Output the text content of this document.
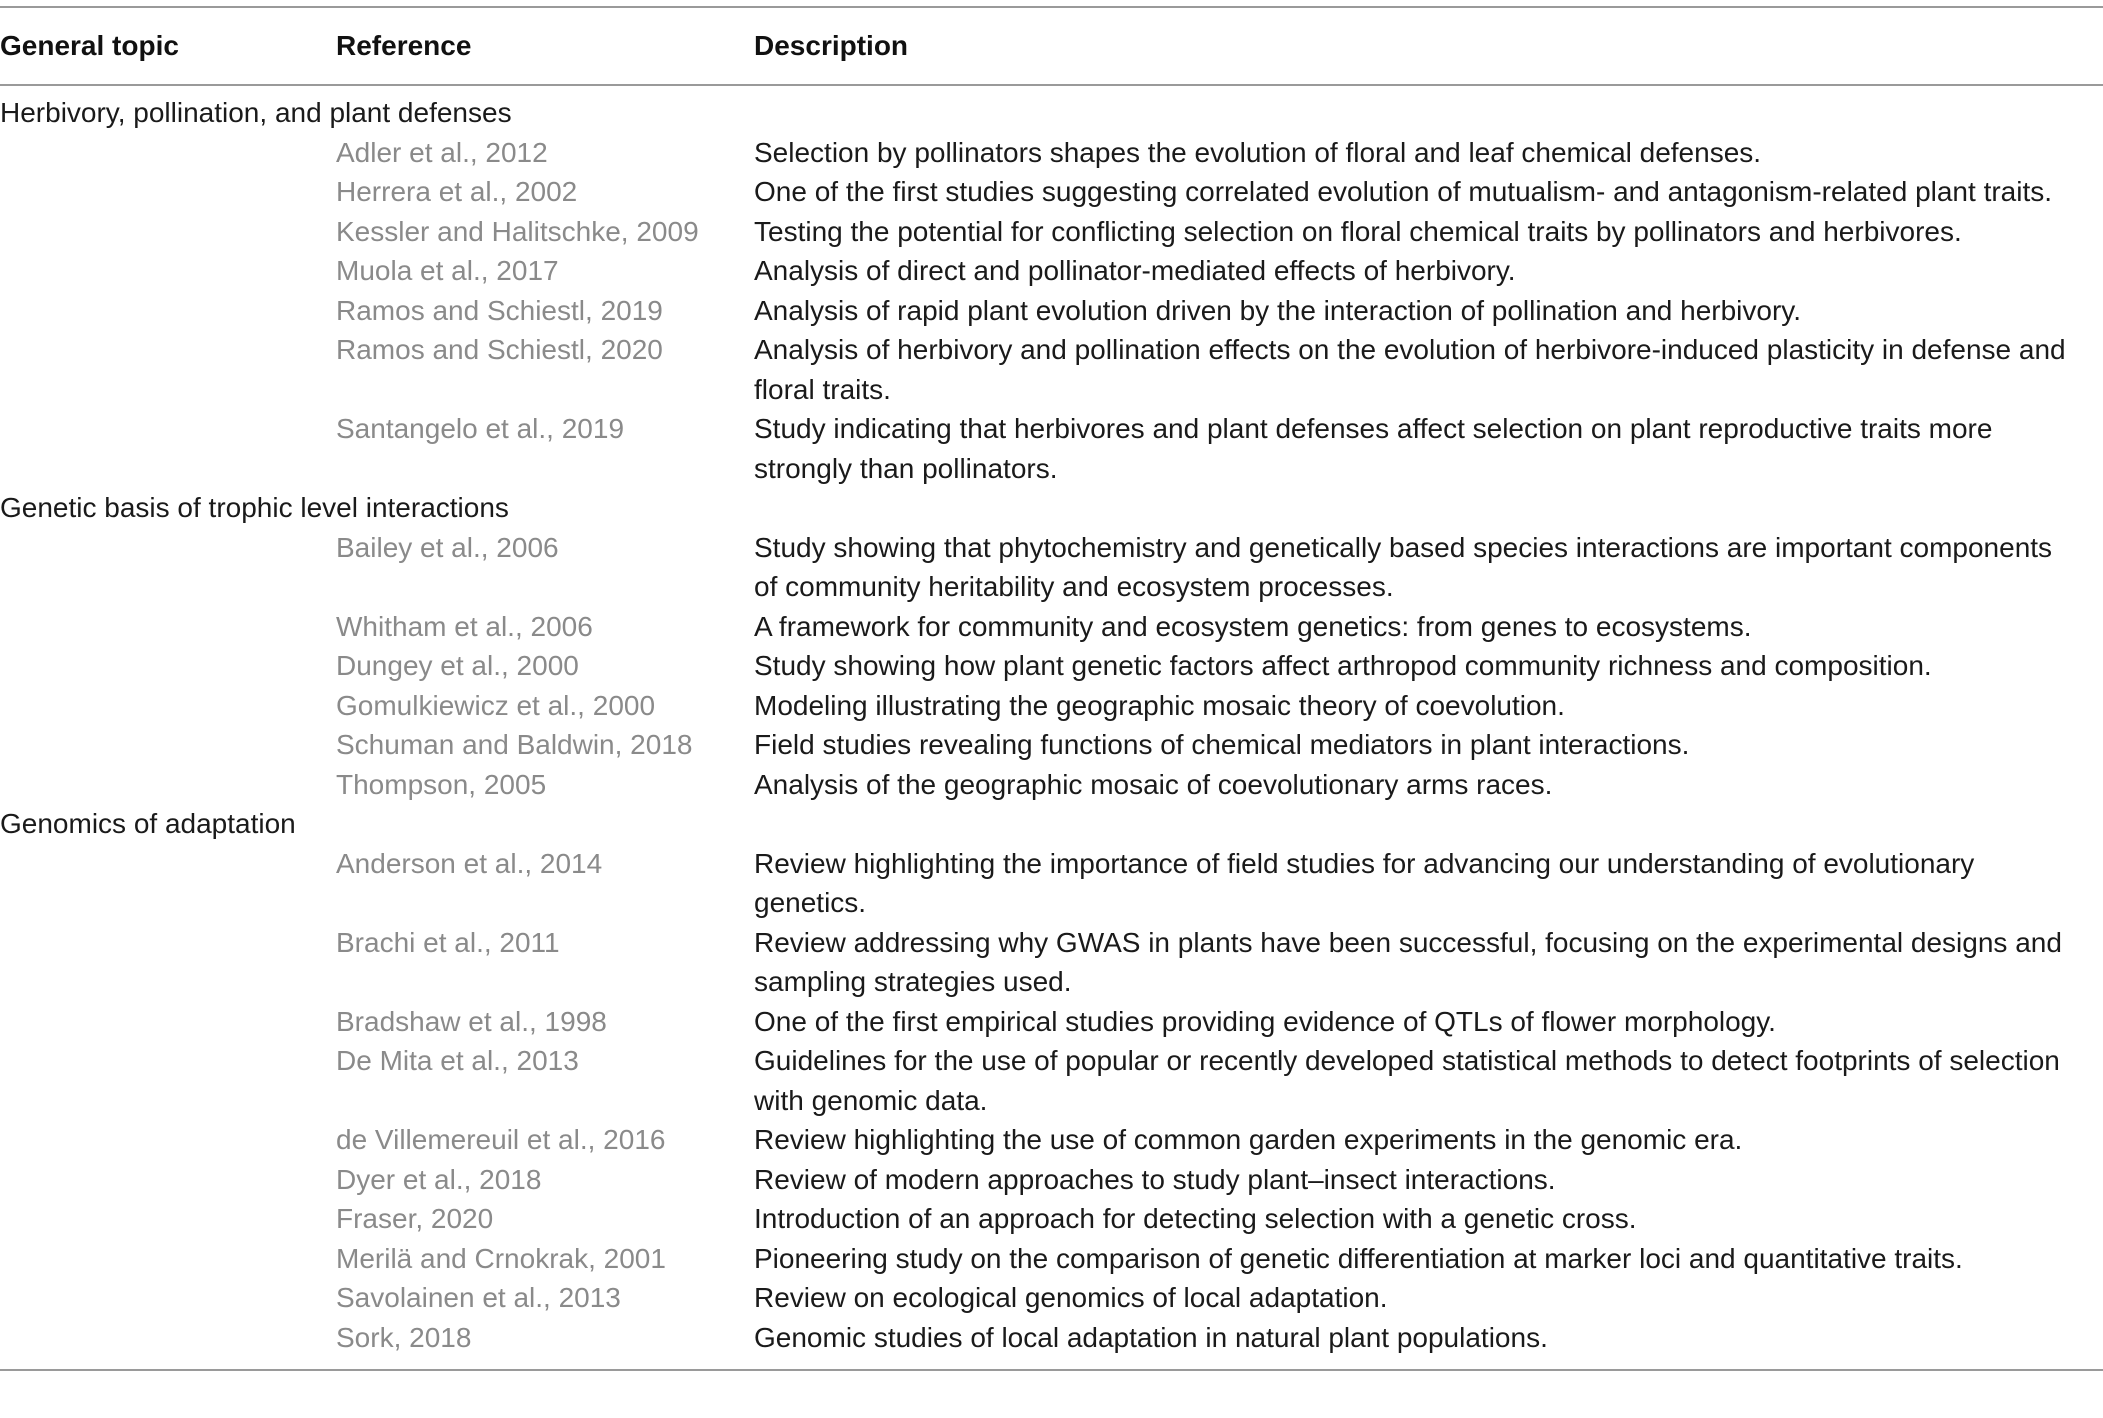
General topic	Reference	Description
Herbivory, pollination, and plant defenses		
	Adler et al., 2012	Selection by pollinators shapes the evolution of floral and leaf chemical defenses.
	Herrera et al., 2002	One of the first studies suggesting correlated evolution of mutualism- and antagonism-related plant traits.
	Kessler and Halitschke, 2009	Testing the potential for conflicting selection on floral chemical traits by pollinators and herbivores.
	Muola et al., 2017	Analysis of direct and pollinator-mediated effects of herbivory.
	Ramos and Schiestl, 2019	Analysis of rapid plant evolution driven by the interaction of pollination and herbivory.
	Ramos and Schiestl, 2020	Analysis of herbivory and pollination effects on the evolution of herbivore-induced plasticity in defense and floral traits.
	Santangelo et al., 2019	Study indicating that herbivores and plant defenses affect selection on plant reproductive traits more strongly than pollinators.
Genetic basis of trophic level interactions		
	Bailey et al., 2006	Study showing that phytochemistry and genetically based species interactions are important components of community heritability and ecosystem processes.
	Whitham et al., 2006	A framework for community and ecosystem genetics: from genes to ecosystems.
	Dungey et al., 2000	Study showing how plant genetic factors affect arthropod community richness and composition.
	Gomulkiewicz et al., 2000	Modeling illustrating the geographic mosaic theory of coevolution.
	Schuman and Baldwin, 2018	Field studies revealing functions of chemical mediators in plant interactions.
	Thompson, 2005	Analysis of the geographic mosaic of coevolutionary arms races.
Genomics of adaptation		
	Anderson et al., 2014	Review highlighting the importance of field studies for advancing our understanding of evolutionary genetics.
	Brachi et al., 2011	Review addressing why GWAS in plants have been successful, focusing on the experimental designs and sampling strategies used.
	Bradshaw et al., 1998	One of the first empirical studies providing evidence of QTLs of flower morphology.
	De Mita et al., 2013	Guidelines for the use of popular or recently developed statistical methods to detect footprints of selection with genomic data.
	de Villemereuil et al., 2016	Review highlighting the use of common garden experiments in the genomic era.
	Dyer et al., 2018	Review of modern approaches to study plant–insect interactions.
	Fraser, 2020	Introduction of an approach for detecting selection with a genetic cross.
	Merilä and Crnokrak, 2001	Pioneering study on the comparison of genetic differentiation at marker loci and quantitative traits.
	Savolainen et al., 2013	Review on ecological genomics of local adaptation.
	Sork, 2018	Genomic studies of local adaptation in natural plant populations.
